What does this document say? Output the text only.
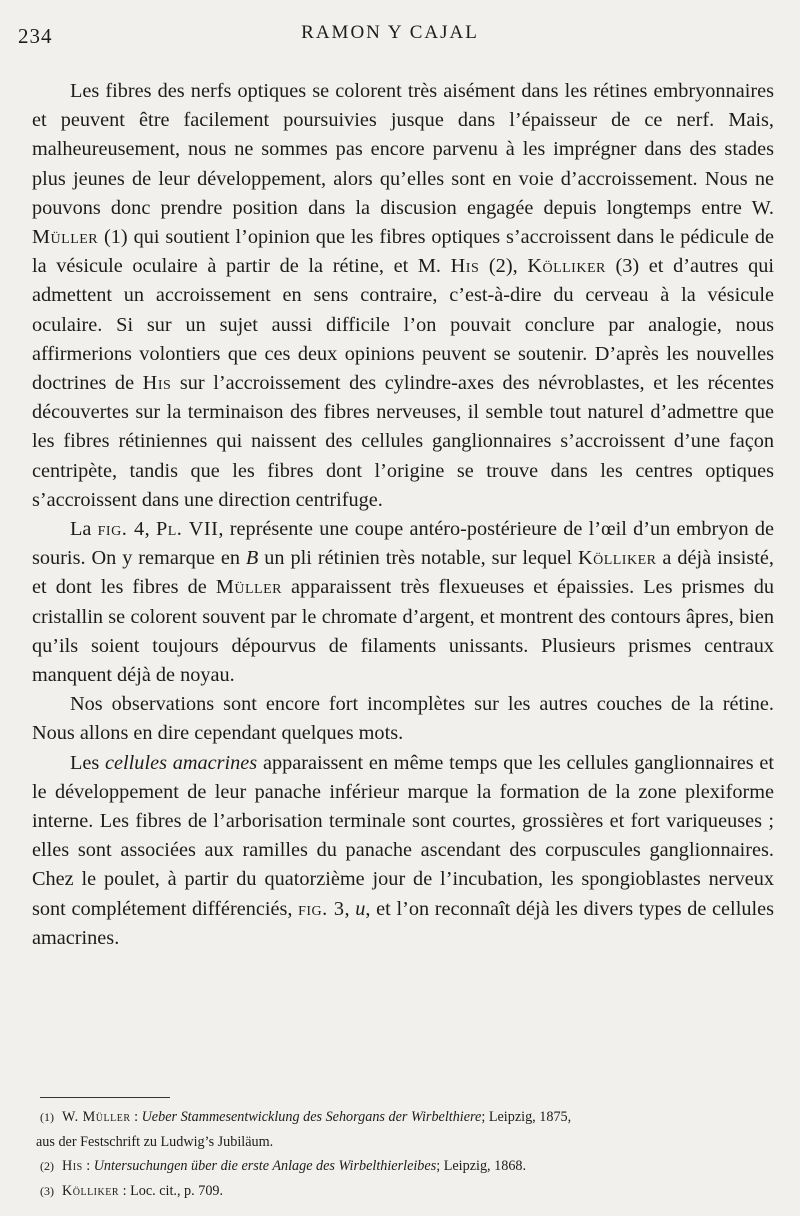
234	RAMON Y CAJAL

Les fibres des nerfs optiques se colorent très aisément dans les rétines embryonnaires et peuvent être facilement poursuivies jusque dans l’épaisseur de ce nerf. Mais, malheureusement, nous ne sommes pas encore parvenu à les imprégner dans des stades plus jeunes de leur développement, alors qu’elles sont en voie d’accroissement. Nous ne pouvons donc prendre position dans la discusion engagée depuis longtemps entre W. Müller (1) qui soutient l’opinion que les fibres optiques s’accroissent dans le pédicule de la vésicule oculaire à partir de la rétine, et M. His (2), Kölliker (3) et d’autres qui admettent un accroissement en sens contraire, c’est-à-dire du cerveau à la vésicule oculaire. Si sur un sujet aussi difficile l’on pouvait conclure par analogie, nous affirmerions volontiers que ces deux opinions peuvent se soutenir. D’après les nouvelles doctrines de His sur l’accroissement des cylindre-axes des névroblastes, et les récentes découvertes sur la terminaison des fibres nerveuses, il semble tout naturel d’admettre que les fibres rétiniennes qui naissent des cellules ganglionnaires s’accroissent d’une façon centripète, tandis que les fibres dont l’origine se trouve dans les centres optiques s’accroissent dans une direction centrifuge.

La fig. 4, Pl. VII, représente une coupe antéro-postérieure de l’œil d’un embryon de souris. On y remarque en B un pli rétinien très notable, sur lequel Kölliker a déjà insisté, et dont les fibres de Müller apparaissent très flexueuses et épaissies. Les prismes du cristallin se colorent souvent par le chromate d’argent, et montrent des contours âpres, bien qu’ils soient toujours dépourvus de filaments unissants. Plusieurs prismes centraux manquent déjà de noyau.

Nos observations sont encore fort incomplètes sur les autres couches de la rétine. Nous allons en dire cependant quelques mots.

Les cellules amacrines apparaissent en même temps que les cellules ganglionnaires et le développement de leur panache inférieur marque la formation de la zone plexiforme interne. Les fibres de l’arborisation terminale sont courtes, grossières et fort variqueuses ; elles sont associées aux ramilles du panache ascendant des corpuscules ganglionnaires. Chez le poulet, à partir du quatorzième jour de l’incubation, les spongioblastes nerveux sont complétement différenciés, fig. 3, u, et l’on reconnaît déjà les divers types de cellules amacrines.

(1) W. Müller : Ueber Stammesentwicklung des Sehorgans der Wirbelthiere; Leipzig, 1875,
aus der Festschrift zu Ludwig’s Jubiläum.
(2) His : Untersuchungen über die erste Anlage des Wirbelthierleibes; Leipzig, 1868.
(3) Kölliker : Loc. cit., p. 709.
